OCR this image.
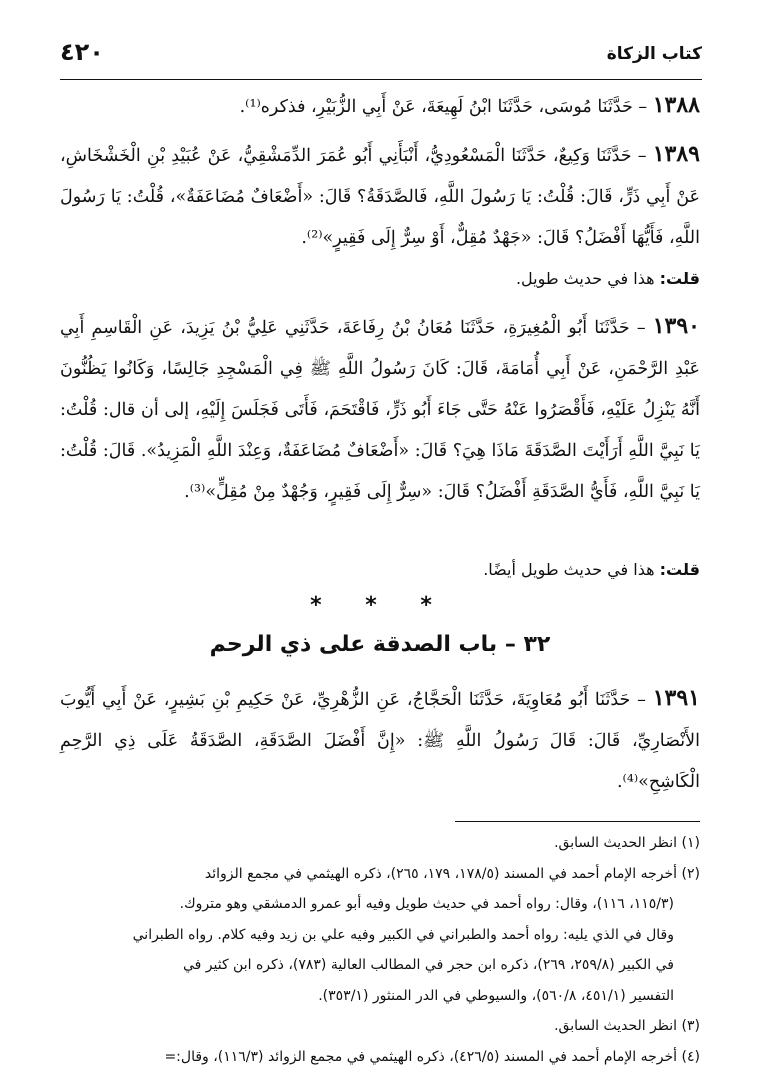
كتاب الزكاة
٤٢٠

١٣٨٨ – حَدَّثَنَا مُوسَى، حَدَّثَنَا ابْنُ لَهِيعَةَ، عَنْ أَبِي الزُّبَيْرِ، فذكره⁽¹⁾.

١٣٨٩ – حَدَّثَنَا وَكِيعٌ، حَدَّثَنَا الْمَسْعُودِيُّ، أَنْبَأَنِي أَبُو عُمَرَ الدِّمَشْقِيُّ، عَنْ عُبَيْدِ بْنِ الْخَشْخَاشِ، عَنْ أَبِي ذَرٍّ، قَالَ: قُلْتُ: يَا رَسُولَ اللَّهِ، فَالصَّدَقَةُ؟ قَالَ: «أَضْعَافٌ مُضَاعَفَةٌ»، قُلْتُ: يَا رَسُولَ اللَّهِ، فَأَيُّهَا أَفْضَلُ؟ قَالَ: «جَهْدٌ مُقِلٌّ، أَوْ سِرٌّ إِلَى فَقِيرٍ»⁽²⁾.

قلت: هذا في حديث طويل.

١٣٩٠ – حَدَّثَنَا أَبُو الْمُغِيرَةِ، حَدَّثَنَا مُعَانُ بْنُ رِفَاعَةَ، حَدَّثَنِي عَلِيُّ بْنُ يَزِيدَ، عَنِ الْقَاسِمِ أَبِي عَبْدِ الرَّحْمَنِ، عَنْ أَبِي أُمَامَةَ، قَالَ: كَانَ رَسُولُ اللَّهِ ﷺ فِي الْمَسْجِدِ جَالِسًا، وَكَانُوا يَظُنُّونَ أَنَّهُ يَنْزِلُ عَلَيْهِ، فَأَقْصَرُوا عَنْهُ حَتَّى جَاءَ أَبُو ذَرٍّ، فَاقْتَحَمَ، فَأَتَى فَجَلَسَ إِلَيْهِ، إلى أن قال: قُلْتُ: يَا نَبِيَّ اللَّهِ أَرَأَيْتَ الصَّدَقَةَ مَاذَا هِيَ؟ قَالَ: «أَضْعَافٌ مُضَاعَفَةٌ، وَعِنْدَ اللَّهِ الْمَزِيدُ». قَالَ: قُلْتُ: يَا نَبِيَّ اللَّهِ، فَأَيُّ الصَّدَقَةِ أَفْضَلُ؟ قَالَ: «سِرٌّ إِلَى فَقِيرٍ، وَجُهْدٌ مِنْ مُقِلٍّ»⁽³⁾.

قلت: هذا في حديث طويل أيضًا.

* * *
٣٢ – باب الصدقة على ذي الرحم

١٣٩١ – حَدَّثَنَا أَبُو مُعَاوِيَةَ، حَدَّثَنَا الْحَجَّاجُ، عَنِ الزُّهْرِيِّ، عَنْ حَكِيمِ بْنِ بَشِيرٍ، عَنْ أَبِي أَيُّوبَ الأَنْصَارِيِّ، قَالَ: قَالَ رَسُولُ اللَّهِ ﷺ: «إِنَّ أَفْضَلَ الصَّدَقَةِ، الصَّدَقَةُ عَلَى ذِي الرَّحِمِ الْكَاشِحِ»⁽⁴⁾.

(١) انظر الحديث السابق.

(٢) أخرجه الإمام أحمد في المسند (١٧٨/٥، ١٧٩، ٢٦٥)، ذكره الهيثمي في مجمع الزوائد

(١١٥/٣، ١١٦)، وقال: رواه أحمد في حديث طويل وفيه أبو عمرو الدمشقي وهو متروك.

وقال في الذي يليه: رواه أحمد والطبراني في الكبير وفيه علي بن زيد وفيه كلام. رواه الطبراني

في الكبير (٢٥٩/٨، ٢٦٩)، ذكره ابن حجر في المطالب العالية (٧٨٣)، ذكره ابن كثير في

التفسير (٤٥١/١، ٥٦٠/٨)، والسيوطي في الدر المنثور (٣٥٣/١).

(٣) انظر الحديث السابق.

(٤) أخرجه الإمام أحمد في المسند (٤٢٦/٥)، ذكره الهيثمي في مجمع الزوائد (١١٦/٣)، وقال:=
